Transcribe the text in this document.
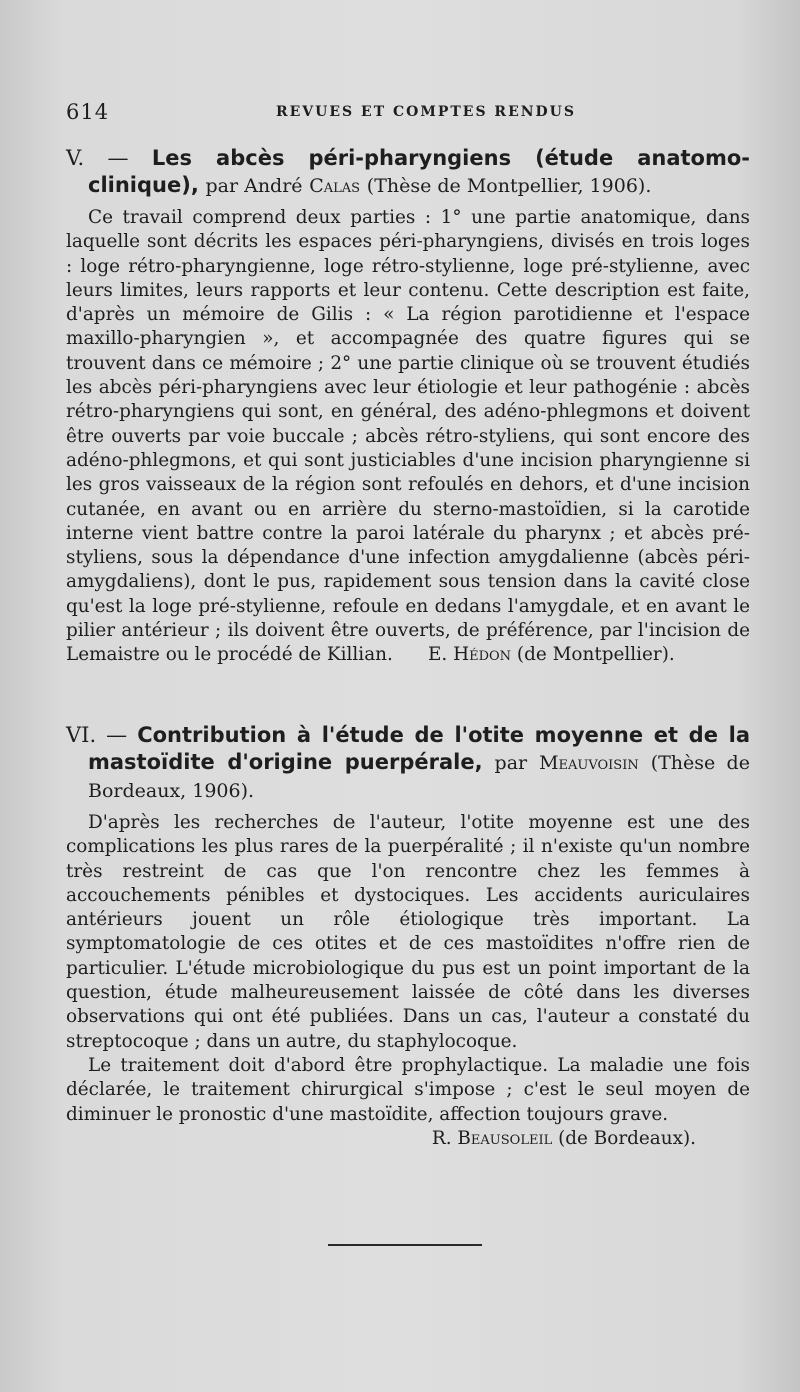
614	REVUES ET COMPTES RENDUS

V. — Les abcès péri-pharyngiens (étude anatomo-clinique), par André Calas (Thèse de Montpellier, 1906).

Ce travail comprend deux parties : 1° une partie anatomique, dans laquelle sont décrits les espaces péri-pharyngiens, divisés en trois loges : loge rétro-pharyngienne, loge rétro-stylienne, loge pré-stylienne, avec leurs limites, leurs rapports et leur contenu. Cette description est faite, d'après un mémoire de Gilis : « La région parotidienne et l'espace maxillo-pharyngien », et accompagnée des quatre figures qui se trouvent dans ce mémoire ; 2° une partie clinique où se trouvent étudiés les abcès péri-pharyngiens avec leur étiologie et leur pathogénie : abcès rétro-pharyngiens qui sont, en général, des adéno-phlegmons et doivent être ouverts par voie buccale ; abcès rétro-styliens, qui sont encore des adéno-phlegmons, et qui sont justiciables d'une incision pharyngienne si les gros vaisseaux de la région sont refoulés en dehors, et d'une incision cutanée, en avant ou en arrière du sterno-mastoïdien, si la carotide interne vient battre contre la paroi latérale du pharynx ; et abcès pré-styliens, sous la dépendance d'une infection amygdalienne (abcès péri-amygdaliens), dont le pus, rapidement sous tension dans la cavité close qu'est la loge pré-stylienne, refoule en dedans l'amygdale, et en avant le pilier antérieur ; ils doivent être ouverts, de préférence, par l'incision de Lemaistre ou le procédé de Killian. E. Hédon (de Montpellier).

VI. — Contribution à l'étude de l'otite moyenne et de la mastoïdite d'origine puerpérale, par Meauvoisin (Thèse de Bordeaux, 1906).

D'après les recherches de l'auteur, l'otite moyenne est une des complications les plus rares de la puerpéralité ; il n'existe qu'un nombre très restreint de cas que l'on rencontre chez les femmes à accouchements pénibles et dystociques. Les accidents auriculaires antérieurs jouent un rôle étiologique très important. La symptomatologie de ces otites et de ces mastoïdites n'offre rien de particulier. L'étude microbiologique du pus est un point important de la question, étude malheureusement laissée de côté dans les diverses observations qui ont été publiées. Dans un cas, l'auteur a constaté du streptocoque ; dans un autre, du staphylocoque.

Le traitement doit d'abord être prophylactique. La maladie une fois déclarée, le traitement chirurgical s'impose ; c'est le seul moyen de diminuer le pronostic d'une mastoïdite, affection toujours grave.

R. Beausoleil (de Bordeaux).
